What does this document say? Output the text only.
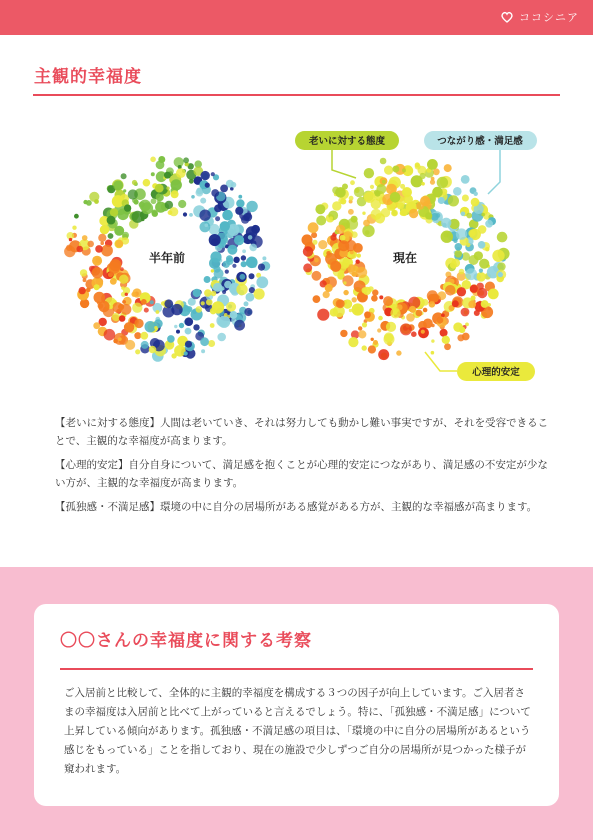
ココシニア
主観的幸福度
半年前	現在
老いに対する態度	つながり感・満足感
心理的安定

【老いに対する態度】人間は老いていき、それは努力しても動かし難い事実ですが、それを受容できることで、主観的な幸福度が高まります。

【心理的安定】自分自身について、満足感を抱くことが心理的安定につながあり、満足感の不安定が少ない方が、主観的な幸福度が高まります。

【孤独感・不満足感】環境の中に自分の居場所がある感覚がある方が、主観的な幸福感が高まります。

〇〇さんの幸福度に関する考察

ご入居前と比較して、全体的に主観的幸福度を構成する３つの因子が向上しています。ご入居者さまの幸福度は入居前と比べて上がっていると言えるでしょう。特に、「孤独感・不満足感」について上昇している傾向があります。孤独感・不満足感の項目は、「環境の中に自分の居場所があるという感じをもっている」ことを指しており、現在の施設で少しずつご自分の居場所が見つかった様子が窺われます。
